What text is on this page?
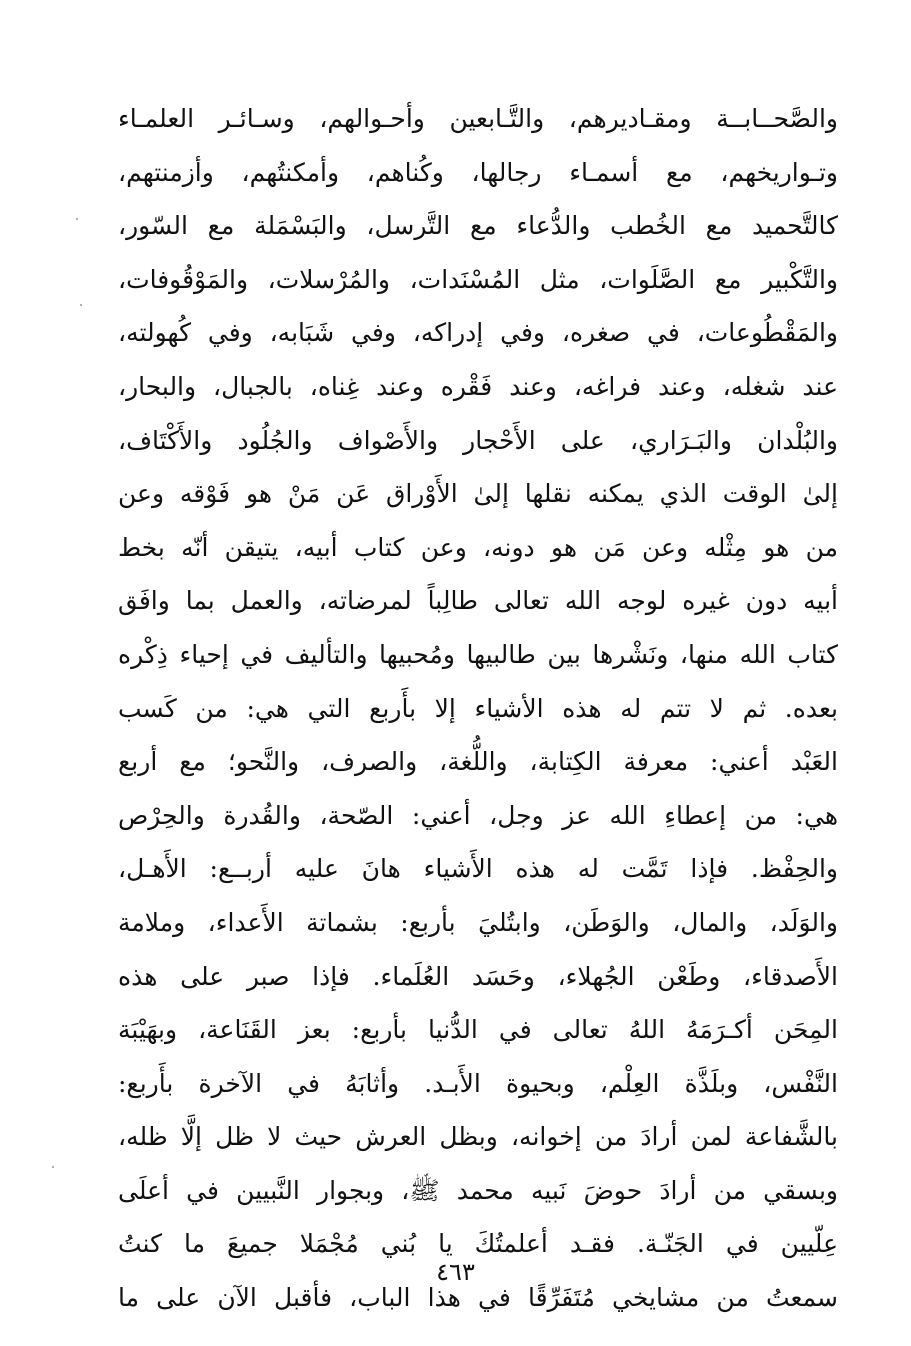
والصَّحــابــة ومقـاديرهم، والتَّـابعين وأحـوالهم، وسـائـر العلمـاء
وتـواريخهم، مع أسمـاء رجالها، وكُناهم، وأمكنتُهم، وأزمنتهم،
كالتَّحميد مع الخُطب والدُّعاء مع التَّرسل، والبَسْمَلة مع السّور،
والتَّكْبير مع الصَّلَوات، مثل المُسْنَدات، والمُرْسلات، والمَوْقُوفات،
والمَقْطُوعات، في صغره، وفي إدراكه، وفي شَبَابه، وفي كُهولته،
عند شغله، وعند فراغه، وعند فَقْره وعند غِناه، بالجبال، والبحار،
والبُلْدان والبَـرَاري، على الأَحْجار والأَصْواف والجُلُود والأَكْتَاف،
إلىٰ الوقت الذي يمكنه نقلها إلىٰ الأَوْراق عَن مَنْ هو فَوْقه وعن
من هو مِثْله وعن مَن هو دونه، وعن كتاب أبيه، يتيقن أنّه بخط
أبيه دون غيره لوجه الله تعالى طالِباً لمرضاته، والعمل بما وافَق
كتاب الله منها، ونَشْرها بين طالبيها ومُحبيها والتأليف في إحياء ذِكْره
بعده. ثم لا تتم له هذه الأشياء إلا بأَربع التي هي: من كَسب
العَبْد أعني: معرفة الكِتابة، واللُّغة، والصرف، والنَّحو؛ مع أربع
هي: من إعطاءِ الله عز وجل، أعني: الصّحة، والقُدرة والحِرْص
والحِفْظ. فإذا تَمَّت له هذه الأَشياء هانَ عليه أربــع: الأَهـل،
والوَلَد، والمال، والوَطَن، وابتُليَ بأربع: بشماتة الأَعداء، وملامة
الأَصدقاء، وطَعْن الجُهلاء، وحَسَد العُلَماء. فإذا صبر على هذه
المِحَن أكـرَمَهُ اللهُ تعالى في الدُّنيا بأربع: بعز القَنَاعة، وبهَيْبَة
النَّفْس، وبلَذَّة العِلْم، وبحيوة الأَبـد. وأثابَهُ في الآخرة بأَربع:
بالشَّفاعة لمن أرادَ من إخوانه، وبظل العرش حيث لا ظل إلَّا ظله،
وبسقي من أرادَ حوضَ نَبيه محمد ﷺ، وبجوار النَّبيين في أعلَى
عِلّيين في الجَنّـة. فقـد أعلمتُكَ يا بُني مُجْمَلا جميعَ ما كنتُ
سمعتُ من مشايخي مُتَفَرِّقًا في هذا الباب، فأقبل الآن على ما
٤٦٣
